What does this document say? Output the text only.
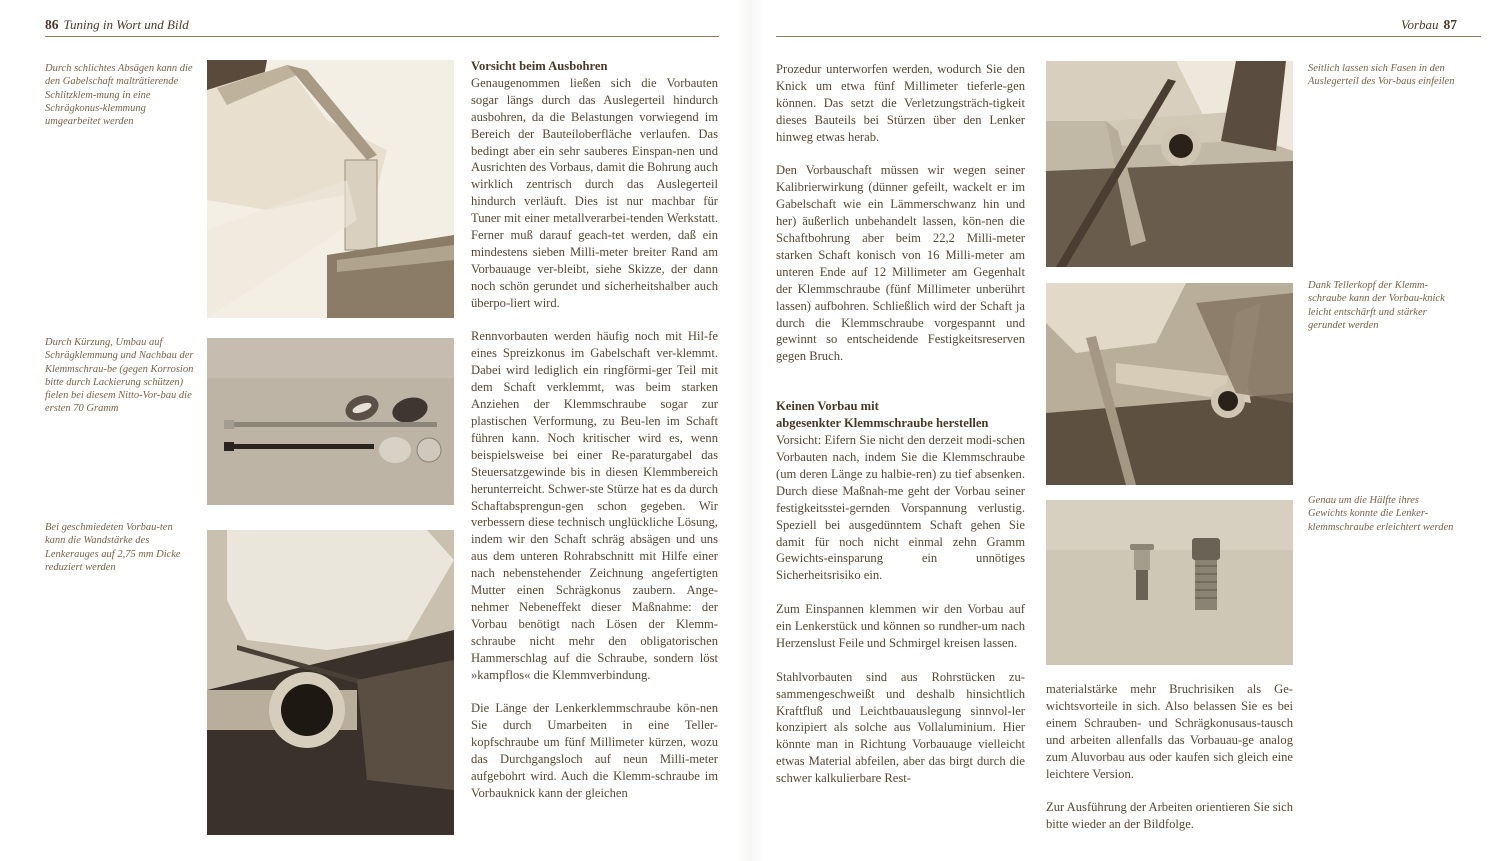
86 Tuning in Wort und Bild
Durch schlichtes Absägen kann die den Gabelschaft malträtierende Schlitzklem-mung in eine Schrägkonus-klemmung umgearbeitet werden
Durch Kürzung, Umbau auf Schrägklemmung und Nachbau der Klemmschrau-be (gegen Korrosion bitte durch Lackierung schützen) fielen bei diesem Nitto-Vor-bau die ersten 70 Gramm
Bei geschmiedeten Vorbau-ten kann die Wandstärke des Lenkerauges auf 2,75 mm Dicke reduziert werden
Vorsicht beim Ausbohren

Genaugenommen ließen sich die Vorbauten sogar längs durch das Auslegerteil hindurch ausbohren, da die Belastungen vorwiegend im Bereich der Bauteiloberfläche verlaufen. Das bedingt aber ein sehr sauberes Einspan-nen und Ausrichten des Vorbaus, damit die Bohrung auch wirklich zentrisch durch das Auslegerteil hindurch verläuft. Dies ist nur machbar für Tuner mit einer metallverarbei-tenden Werkstatt. Ferner muß darauf geach-tet werden, daß ein mindestens sieben Milli-meter breiter Rand am Vorbauauge ver-bleibt, siehe Skizze, der dann noch schön gerundet und sicherheitshalber auch überpo-liert wird.

Rennvorbauten werden häufig noch mit Hil-fe eines Spreizkonus im Gabelschaft ver-klemmt. Dabei wird lediglich ein ringförmi-ger Teil mit dem Schaft verklemmt, was beim starken Anziehen der Klemmschraube sogar zur plastischen Verformung, zu Beu-len im Schaft führen kann. Noch kritischer wird es, wenn beispielsweise bei einer Re-paraturgabel das Steuersatzgewinde bis in diesen Klemmbereich herunterreicht. Schwer-ste Stürze hat es da durch Schaftabsprengun-gen schon gegeben. Wir verbessern diese technisch unglückliche Lösung, indem wir den Schaft schräg absägen und uns aus dem unteren Rohrabschnitt mit Hilfe einer nach nebenstehender Zeichnung angefertigten Mutter einen Schrägkonus zaubern. Ange-nehmer Nebeneffekt dieser Maßnahme: der Vorbau benötigt nach Lösen der Klemm-schraube nicht mehr den obligatorischen Hammerschlag auf die Schraube, sondern löst »kampflos« die Klemmverbindung.

Die Länge der Lenkerklemmschraube kön-nen Sie durch Umarbeiten in eine Teller-kopfschraube um fünf Millimeter kürzen, wozu das Durchgangsloch auf neun Milli-meter aufgebohrt wird. Auch die Klemm-schraube im Vorbauknick kann der gleichen

Vorbau 87

Prozedur unterworfen werden, wodurch Sie den Knick um etwa fünf Millimeter tieferle-gen können. Das setzt die Verletzungsträch-tigkeit dieses Bauteils bei Stürzen über den Lenker hinweg etwas herab.

Den Vorbauschaft müssen wir wegen seiner Kalibrierwirkung (dünner gefeilt, wackelt er im Gabelschaft wie ein Lämmerschwanz hin und her) äußerlich unbehandelt lassen, kön-nen die Schaftbohrung aber beim 22,2 Milli-meter starken Schaft konisch von 16 Milli-meter am unteren Ende auf 12 Millimeter am Gegenhalt der Klemmschraube (fünf Millimeter unberührt lassen) aufbohren. Schließlich wird der Schaft ja durch die Klemmschraube vorgespannt und gewinnt so entscheidende Festigkeitsreserven gegen Bruch.

Keinen Vorbau mit
abgesenkter Klemmschraube herstellen

Vorsicht: Eifern Sie nicht den derzeit modi-schen Vorbauten nach, indem Sie die Klemmschraube (um deren Länge zu halbie-ren) zu tief absenken. Durch diese Maßnah-me geht der Vorbau seiner festigkeitsstei-gernden Vorspannung verlustig. Speziell bei ausgedünntem Schaft gehen Sie damit für noch nicht einmal zehn Gramm Gewichts-einsparung ein unnötiges Sicherheitsrisiko ein.

Zum Einspannen klemmen wir den Vorbau auf ein Lenkerstück und können so rundher-um nach Herzenslust Feile und Schmirgel kreisen lassen.

Stahlvorbauten sind aus Rohrstücken zu-sammengeschweißt und deshalb hinsichtlich Kraftfluß und Leichtbauauslegung sinnvol-ler konzipiert als solche aus Vollaluminium. Hier könnte man in Richtung Vorbauauge vielleicht etwas Material abfeilen, aber das birgt durch die schwer kalkulierbare Rest-

materialstärke mehr Bruchrisiken als Ge-wichtsvorteile in sich. Also belassen Sie es bei einem Schrauben- und Schrägkonusaus-tausch und arbeiten allenfalls das Vorbauau-ge analog zum Aluvorbau aus oder kaufen sich gleich eine leichtere Version.

Zur Ausführung der Arbeiten orientieren Sie sich bitte wieder an der Bildfolge.

Seitlich lassen sich Fasen in den Auslegerteil des Vor-baus einfeilen
Dank Tellerkopf der Klemm-schraube kann der Vorbau-knick leicht entschärft und stärker gerundet werden
Genau um die Hälfte ihres Gewichts konnte die Lenker-klemmschraube erleichtert werden
